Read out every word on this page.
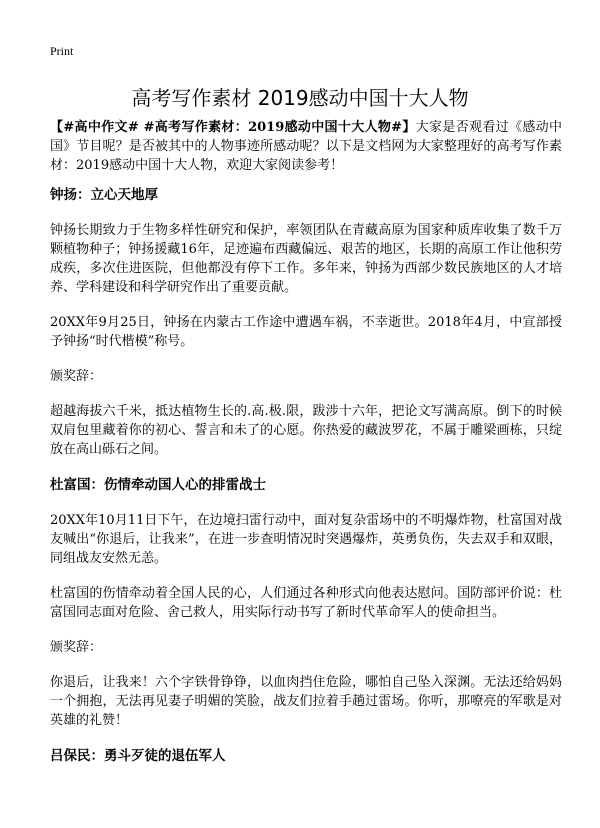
Print
高考写作素材 2019感动中国十大人物
【#高中作文# #高考写作素材：2019感动中国十大人物#】大家是否观看过《感动中国》节目呢？是否被其中的人物事迹所感动呢？以下是文档网为大家整理好的高考写作素材：2019感动中国十大人物，欢迎大家阅读参考！
钟扬：立心天地厚
钟扬长期致力于生物多样性研究和保护，率领团队在青藏高原为国家种质库收集了数千万颗植物种子；钟扬援藏16年，足迹遍布西藏偏远、艰苦的地区，长期的高原工作让他积劳成疾，多次住进医院，但他都没有停下工作。多年来，钟扬为西部少数民族地区的人才培养、学科建设和科学研究作出了重要贡献。
20XX年9月25日，钟扬在内蒙古工作途中遭遇车祸，不幸逝世。2018年4月，中宣部授予钟扬“时代楷模”称号。
颁奖辞：
超越海拔六千米，抵达植物生长的.高.极.限，跋涉十六年，把论文写满高原。倒下的时候双肩包里藏着你的初心、誓言和未了的心愿。你热爱的藏波罗花，不属于雕梁画栋，只绽放在高山砾石之间。
杜富国：伤情牵动国人心的排雷战士
20XX年10月11日下午，在边境扫雷行动中，面对复杂雷场中的不明爆炸物，杜富国对战友喊出“你退后，让我来”，在进一步查明情况时突遇爆炸，英勇负伤，失去双手和双眼，同组战友安然无恙。
杜富国的伤情牵动着全国人民的心，人们通过各种形式向他表达慰问。国防部评价说：杜富国同志面对危险、舍己救人，用实际行动书写了新时代革命军人的使命担当。
颁奖辞：
你退后，让我来！六个字铁骨铮铮，以血肉挡住危险，哪怕自己坠入深渊。无法还给妈妈一个拥抱，无法再见妻子明媚的笑脸，战友们拉着手趟过雷场。你听，那嘹亮的军歌是对英雄的礼赞！
吕保民：勇斗歹徒的退伍军人
